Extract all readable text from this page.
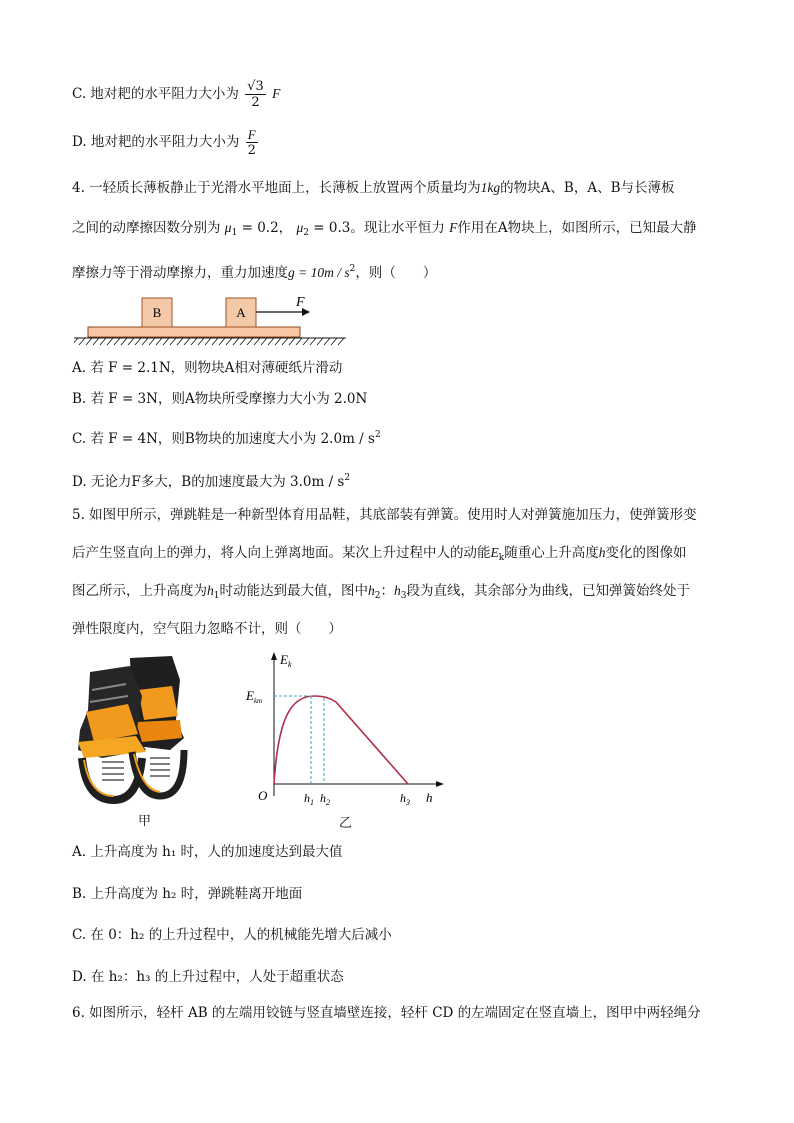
C. 地对耙的水平阻力大小为 $\frac{√3}{2}$ F
D. 地对耙的水平阻力大小为 $\frac{F}{2}$
4. 一轻质长薄板静止于光滑水平地面上，长薄板上放置两个质量均为1kg的物块A、B，A、B与长薄板
之间的动摩擦因数分别为 $\mu_1 = 0.2$， $\mu_2 = 0.3$。现让水平恒力 F作用在A物块上，如图所示，已知最大静
摩擦力等于滑动摩擦力，重力加速度$g = 10m / s^2$，则（　　）
B	A
F
A. 若 F = 2.1N，则物块A相对薄硬纸片滑动
B. 若 F = 3N，则A物块所受摩擦力大小为 2.0N
C. 若 F = 4N，则B物块的加速度大小为 $2.0m / s^2$
D. 无论力F多大，B的加速度最大为 $3.0m / s^2$
5. 如图甲所示，弹跳鞋是一种新型体育用品鞋，其底部装有弹簧。使用时人对弹簧施加压力，使弹簧形变
后产生竖直向上的弹力，将人向上弹离地面。某次上升过程中人的动能$E_k$随重心上升高度h变化的图像如
图乙所示，上升高度为$h_1$时动能达到最大值，图中$h_2$：$h_3$段为直线，其余部分为曲线，已知弹簧始终处于
弹性限度内，空气阻力忽略不计，则（　　）
甲
$E_k$
$E_{km}$
O	$h_1$ $h_2$	$h_3$ h
乙
A. 上升高度为 h₁ 时，人的加速度达到最大值
B. 上升高度为 h₂ 时，弹跳鞋离开地面
C. 在 0：h₂ 的上升过程中，人的机械能先增大后减小
D. 在 h₂：h₃ 的上升过程中，人处于超重状态
6. 如图所示，轻杆 AB 的左端用铰链与竖直墙壁连接，轻杆 CD 的左端固定在竖直墙上，图甲中两轻绳分
